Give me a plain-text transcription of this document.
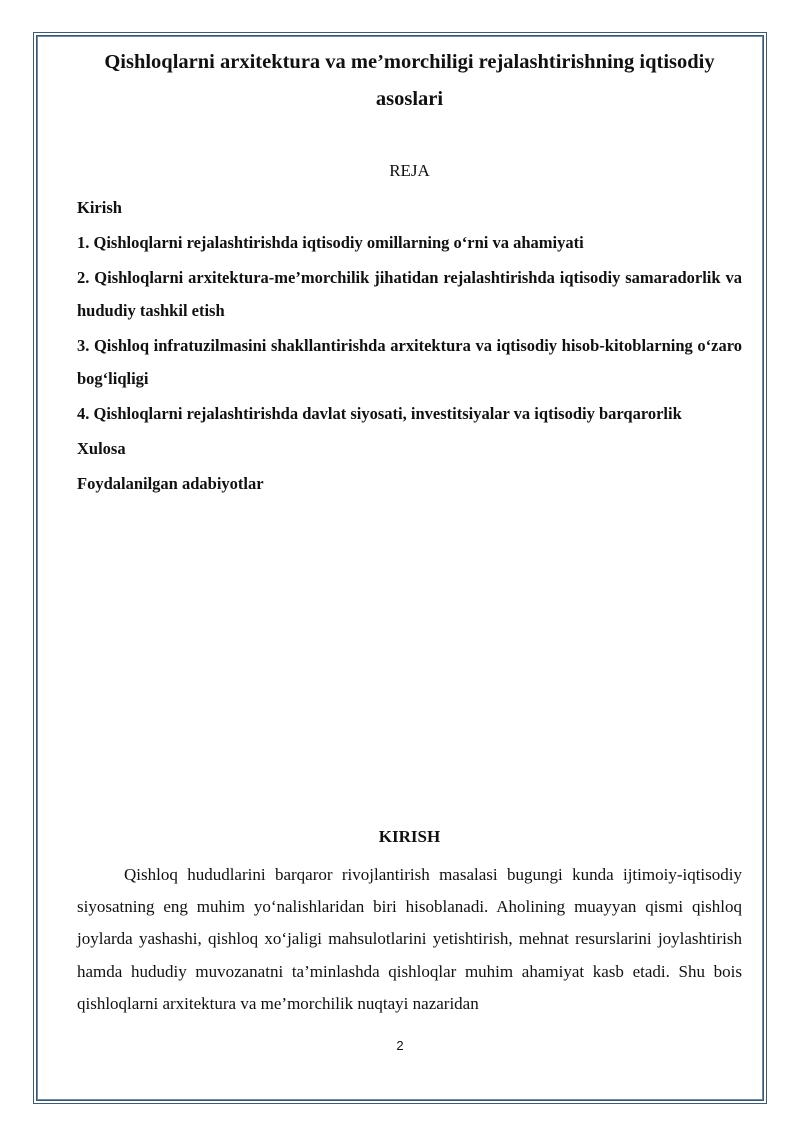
Qishloqlarni arxitektura va me’morchiligi rejalashtirishning iqtisodiy asoslari

REJA

Kirish
1. Qishloqlarni rejalashtirishda iqtisodiy omillarning o‘rni va ahamiyati
2. Qishloqlarni arxitektura-me’morchilik jihatidan rejalashtirishda iqtisodiy samaradorlik va hududiy tashkil etish
3. Qishloq infratuzilmasini shakllantirishda arxitektura va iqtisodiy hisob-kitoblarning o‘zaro bog‘liqligi
4. Qishloqlarni rejalashtirishda davlat siyosati, investitsiyalar va iqtisodiy barqarorlik
Xulosa
Foydalanilgan adabiyotlar
KIRISH

Qishloq hududlarini barqaror rivojlantirish masalasi bugungi kunda ijtimoiy-iqtisodiy siyosatning eng muhim yo‘nalishlaridan biri hisoblanadi. Aholining muayyan qismi qishloq joylarda yashashi, qishloq xo‘jaligi mahsulotlarini yetishtirish, mehnat resurslarini joylashtirish hamda hududiy muvozanatni ta’minlashda qishloqlar muhim ahamiyat kasb etadi. Shu bois qishloqlarni arxitektura va me’morchilik nuqtayi nazaridan

2
